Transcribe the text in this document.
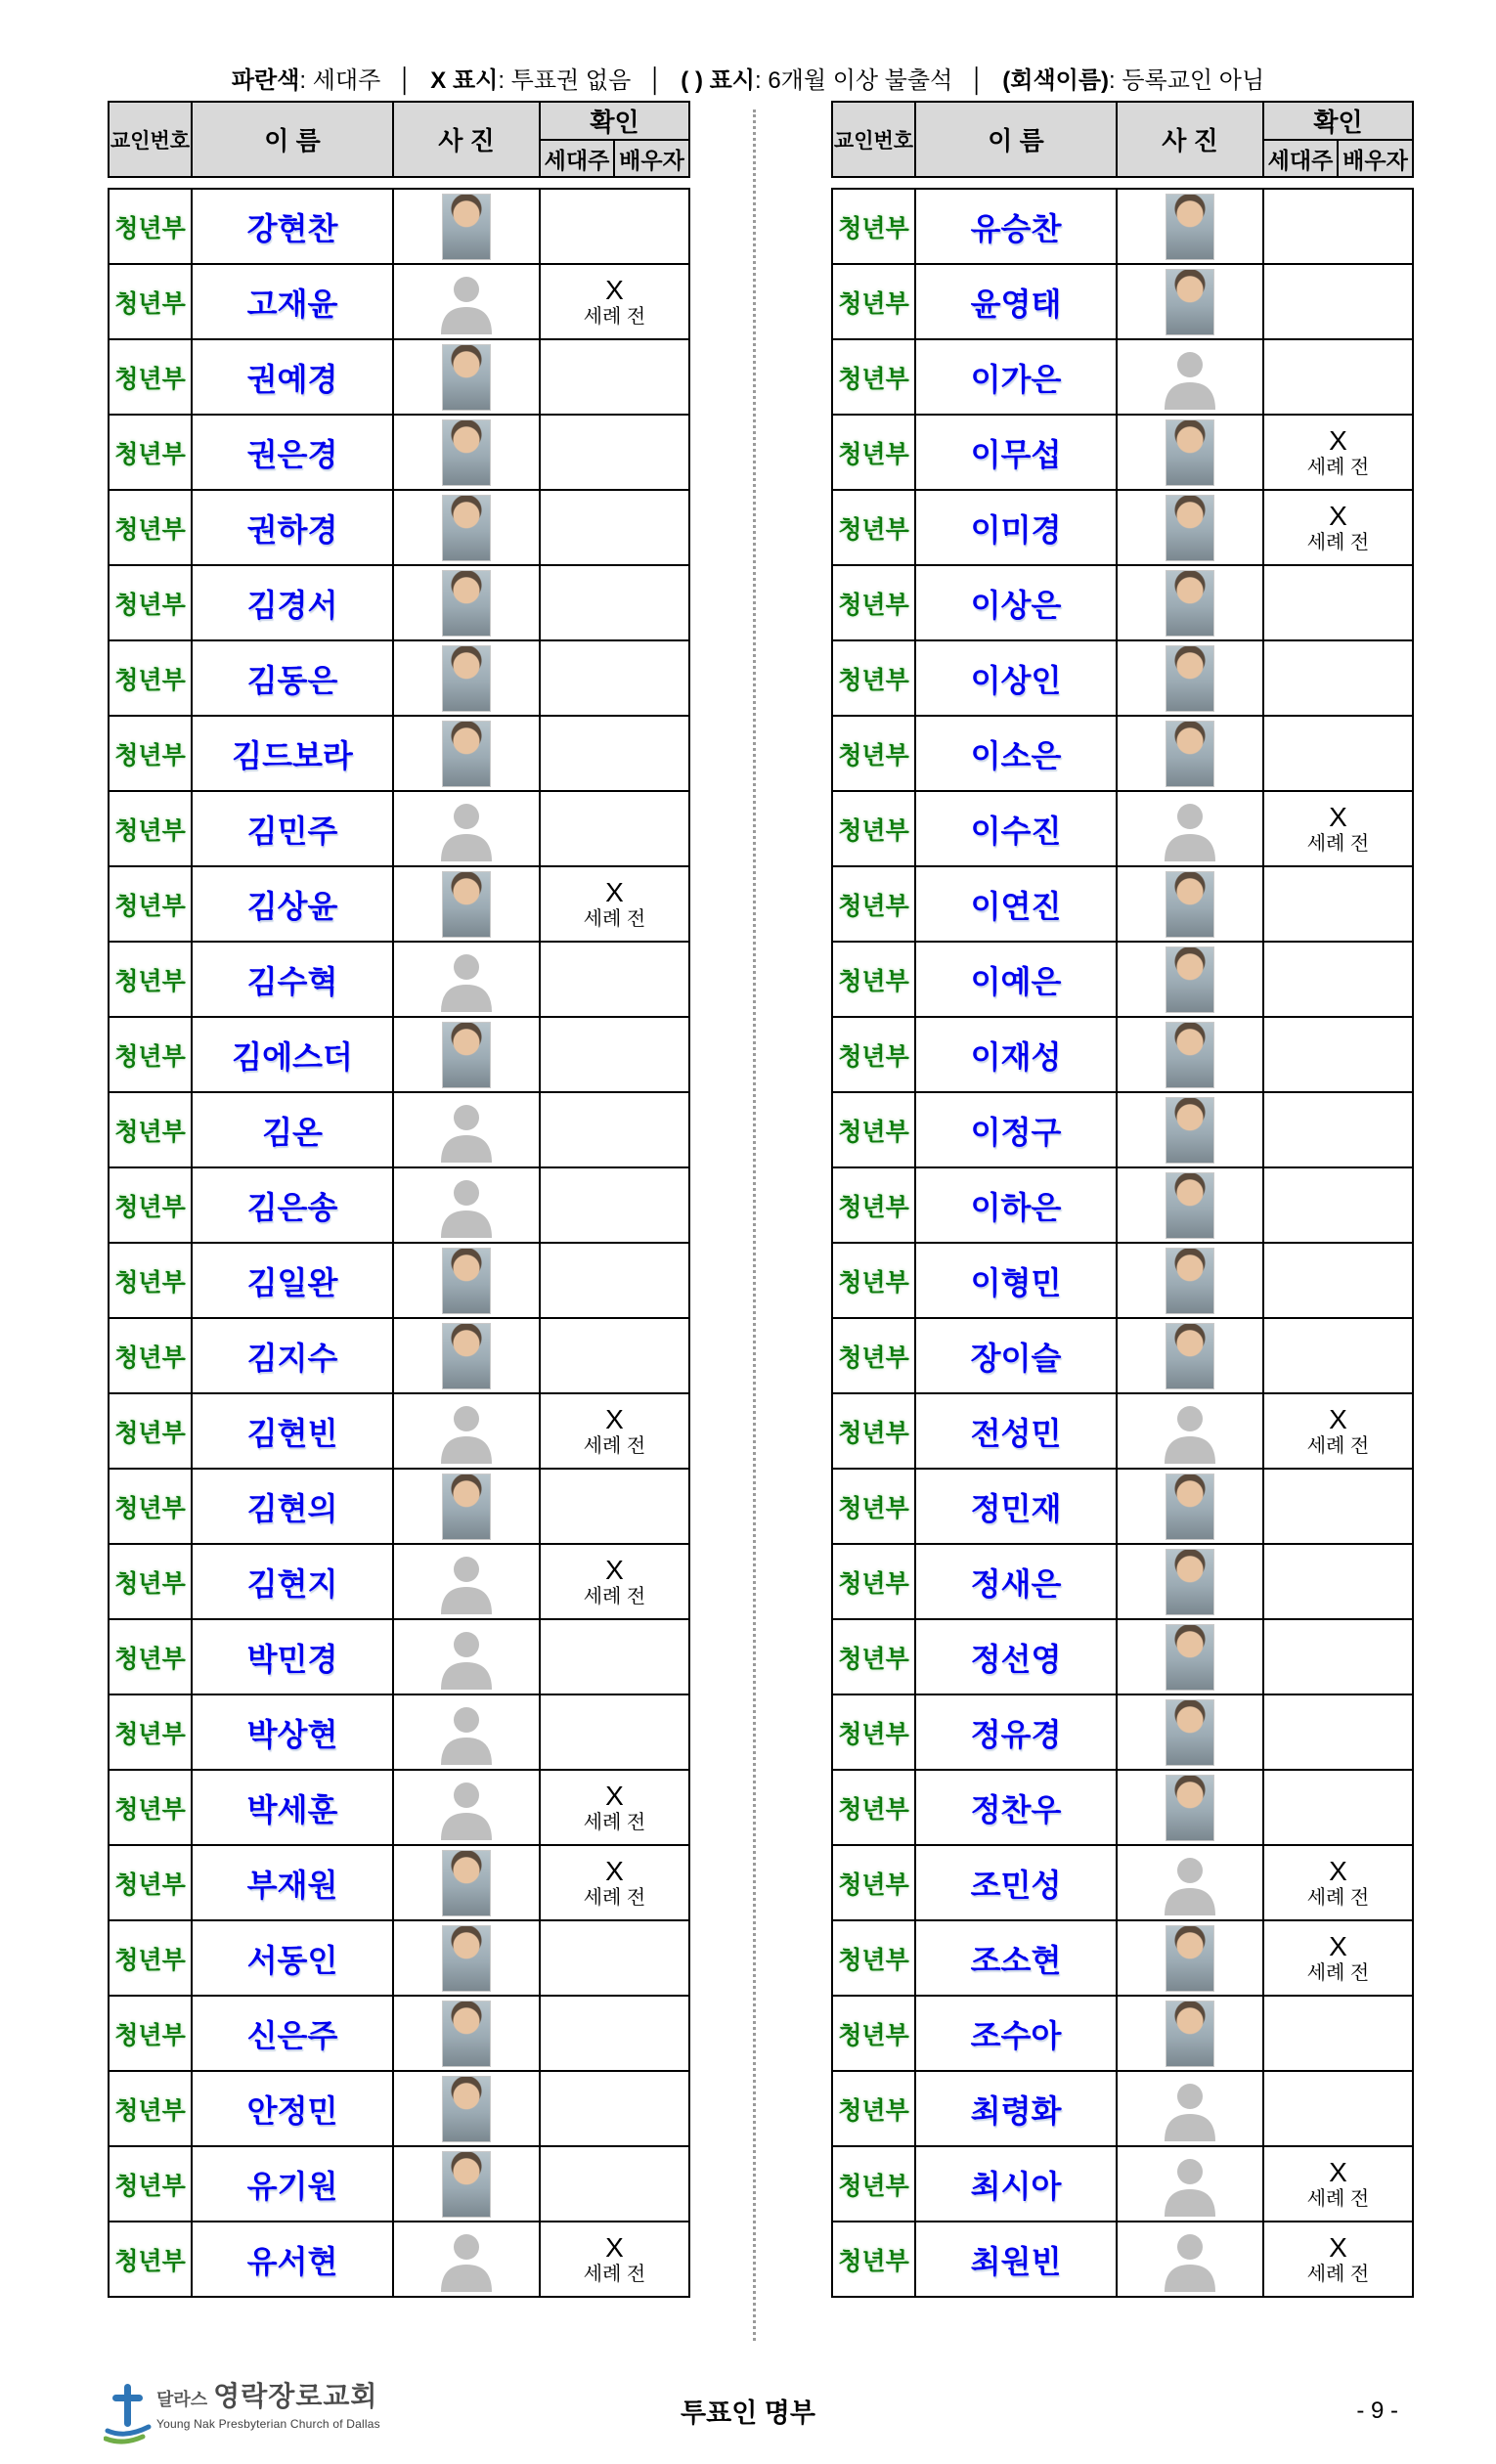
파란색: 세대주 │ X 표시: 투표권 없음 │ ( ) 표시: 6개월 이상 불출석 │ (회색이름): 등록교인 아님
교인번호	이 름	사 진	확인	
			세대주	배우자
청년부	강현찬		

청년부	고재윤		X
세례 전

청년부	권예경		

청년부	권은경		

청년부	권하경		

청년부	김경서		

청년부	김동은		

청년부	김드보라		

청년부	김민주		

청년부	김상윤		X
세례 전

청년부	김수혁		

청년부	김에스더		

청년부	김온		

청년부	김은송		

청년부	김일완		

청년부	김지수		

청년부	김현빈		X
세례 전

청년부	김현의		

청년부	김현지		X
세례 전

청년부	박민경		

청년부	박상현		

청년부	박세훈		X
세례 전

청년부	부재원		X
세례 전

청년부	서동인		

청년부	신은주		

청년부	안정민		

청년부	유기원		

청년부	유서현		X
세례 전
교인번호	이 름	사 진	확인	
			세대주	배우자
청년부	유승찬		

청년부	윤영태		

청년부	이가은		

청년부	이무섭		X
세례 전

청년부	이미경		X
세례 전

청년부	이상은		

청년부	이상인		

청년부	이소은		

청년부	이수진		X
세례 전

청년부	이연진		

청년부	이예은		

청년부	이재성		

청년부	이정구		

청년부	이하은		

청년부	이형민		

청년부	장이슬		

청년부	전성민		X
세례 전

청년부	정민재		

청년부	정새은		

청년부	정선영		

청년부	정유경		

청년부	정찬우		

청년부	조민성		X
세례 전

청년부	조소현		X
세례 전

청년부	조수아		

청년부	최령화		

청년부	최시아		X
세례 전

청년부	최원빈		X
세례 전
달라스 영락장로교회
Young Nak Presbyterian Church of Dallas	투표인 명부	- 9 -
